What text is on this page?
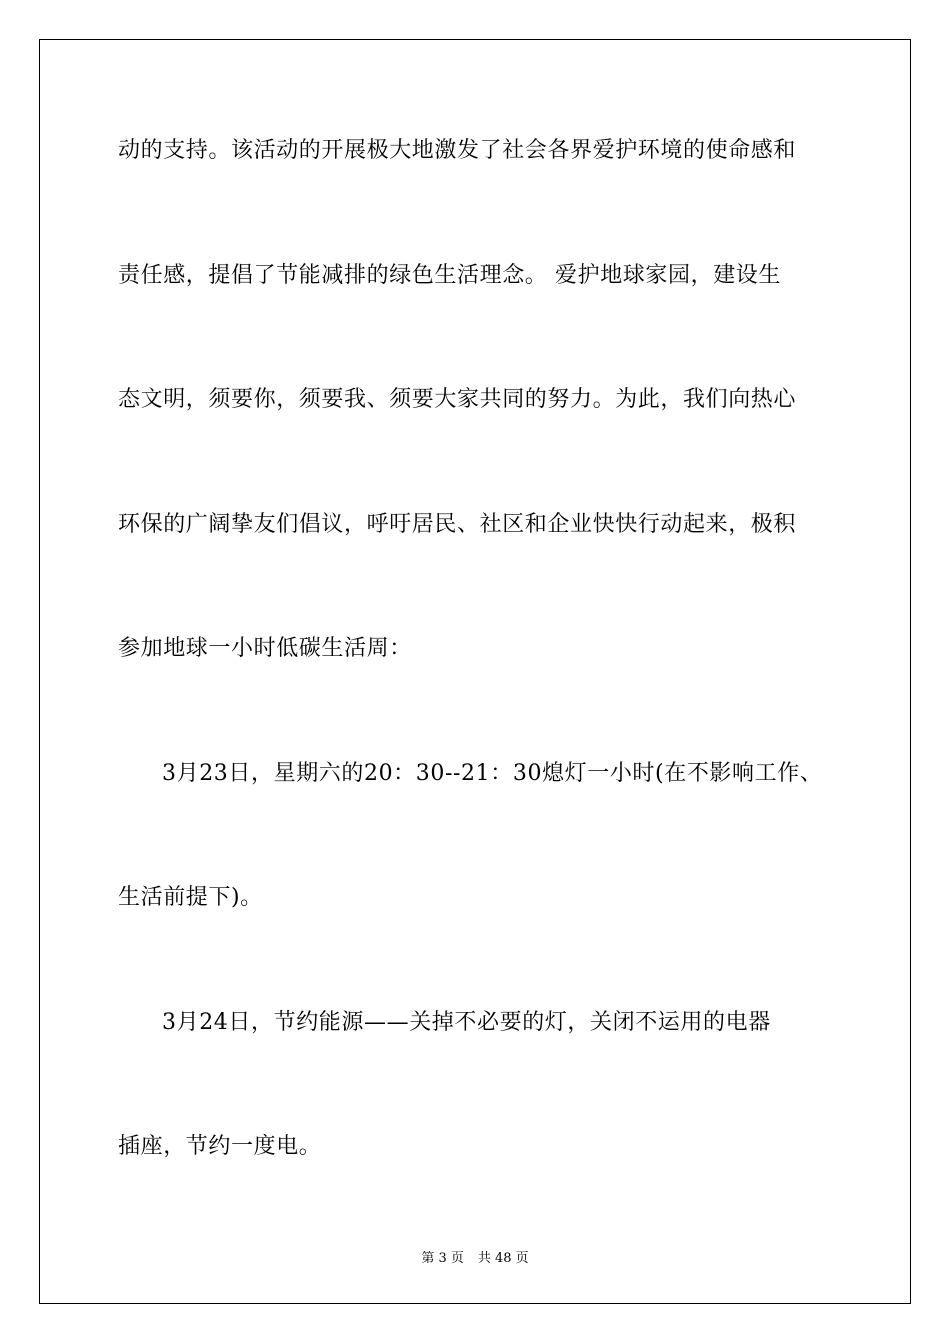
动的支持。该活动的开展极大地激发了社会各界爱护环境的使命感和
责任感，提倡了节能减排的绿色生活理念。 爱护地球家园，建设生
态文明，须要你，须要我、须要大家共同的努力。为此，我们向热心
环保的广阔挚友们倡议，呼吁居民、社区和企业快快行动起来，极积
参加地球一小时低碳生活周：
3月23日，星期六的20：30--21：30熄灯一小时(在不影响工作、
生活前提下)。
3月24日，节约能源——关掉不必要的灯，关闭不运用的电器
插座，节约一度电。
第 3 页 共 48 页
